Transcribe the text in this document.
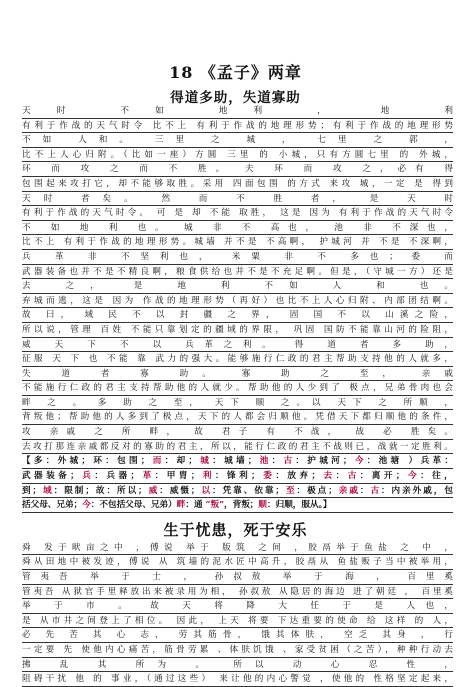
18 《孟子》两章
得道多助，失道寡助
天时 不如 地利 ， 地 利
有利于作战的天气时令 比不上 有利于作战的地理形势；有利于作战的地理形势
不如 人和。 三里 之 城 ， 七里 之 郭 ，
比不上人心归附。（比如一座）方圆 三里 的 小城，只有方圆七里 的 外城，
环 而 攻 之 而 不 胜。 夫 环 而 攻 之，必有 得
包围起来攻打它，却不能够取胜。采用 四面包围 的方式 来攻 城，一定 是 得到
天时 者矣。 然 而 不 胜 者， 是 天 时
有利于作战的天气时令。 可 是 却 不能 取胜， 这是 因为 有利于作战的天气时令
不 如 地 利 也。 城 非 不 高也， 池 非 不深也，
比不上 有利于作战的地理形势。城墙 并不是 不高啊， 护城河 并 不是 不深啊，
兵 革 非 不坚利也， 米粟 非 不 多也； 委 而
武器装备也并不是不精良啊，粮食供给也并不是不充足啊。但是，（守城一方）还是
去 之， 是 地 利 不如 人 和 也。
弃城而逃，这是 因为 作战的地理形势（再好）也比不上人心归附、内部团结啊。
故 曰， 域 民 不 以 封 疆 之 界， 固 国 不 以 山溪之险，
所以说，管理 百姓 不能只靠划定的疆域的界限， 巩固 国防不能靠山河的险阻，
威 天 下 不 以 兵革之利。 得 道 者 多 助，
征服 天 下 也 不能 靠 武力的强大。能够施行仁政的君主帮助支持他的人就多，
失 道 者 寡 助。 寡 助 之 至， 亲戚
不能施行仁政的君主支持帮助他的人就少。帮助他的人少到了 极点，兄弟骨肉也会
畔 之 。 多 助 之 至， 天下 顺 之。以 天下 之 所顺 ，
背叛他；帮助他的人多到了极点，天下的人都会归顺他。凭借天下都归顺他的条件，
攻 亲戚 之 所 畔， 故 君子 有 不战， 战 必 胜矣。
去攻打那连亲戚都反对的寡助的君主，所以，能行仁政的君主不战则已，战就一定胜利。
【多：外城；环：包围；而：却；城：城墙；池：古：护城河；今：池塘 ）兵革：
武器装备；兵：兵器；革：甲胄；利：锋利；委：放弃；去：古：离开；今：往，
到；域：限制；故：所以；威：威慑；以：凭靠、依靠；至：极点；亲戚：古：内亲外戚，包
括父母、兄弟；今：不包括父母、兄弟）畔：通 “叛”，背叛；顺：归顺，服从。】
生于忧患，死于安乐
舜 发于畎亩之中 ，傅说 举于 版筑 之间 ，胶鬲举于鱼盐 之 中 ，
舜从田地中被发迹，傅说 从 筑墙的泥水匠中高升，胶鬲从 鱼盐贩子当中被举用，
管夷吾 举 于 士 ， 孙叔敖 举 于 海 ， 百里奚
管夷吾 从狱官手里释放出来被录用为相， 孙叔敖 从隐居的海边 进了朝廷 ， 百里奚
举 于 市 。 故 天 将 降 大 任 于 是 人也，
是 从市井之间登上了相位。 因此， 上天 将要 下达重要的使命 给 这样 的 人，
必 先 苦 其 心 志， 劳其筋骨， 饿其体肤， 空乏 其身 ， 行
一定要 先 使他内心痛苦，筋骨劳累 、体肤饥饿 、家受贫困（之苦），种种行动去
拂 乱 其 所为 。 所以 动 心 忍 性 ，
阻碍干扰 他 的 事业，（通过这些） 来让他的内心警觉 ，使他的 性格坚定起来，
